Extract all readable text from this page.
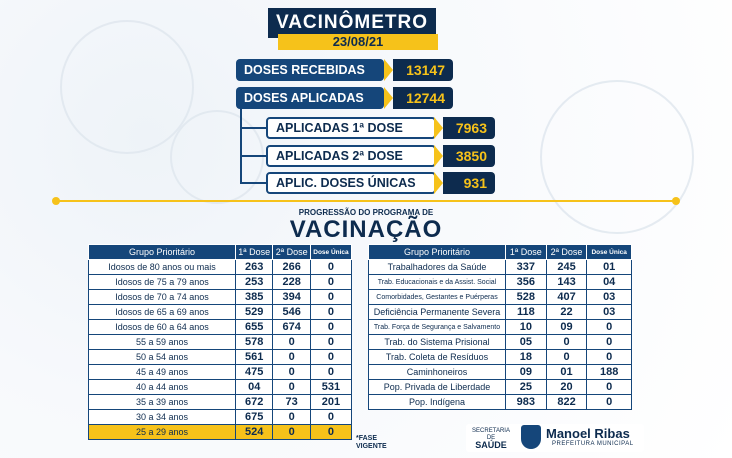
VACINÔMETRO
23/08/21
DOSES RECEBIDAS	13147
DOSES APLICADAS	12744
APLICADAS 1ª DOSE	7963
APLICADAS 2ª DOSE	3850
APLIC. DOSES ÚNICAS	931
PROGRESSÃO DO PROGRAMA DE
VACINAÇÃO
Grupo Prioritário	1ª Dose	2ª Dose	Dose Única
Idosos de 80 anos ou mais	263	266	0
Idosos de 75 a 79 anos	253	228	0
Idosos de 70 a 74 anos	385	394	0
Idosos de 65 a 69 anos	529	546	0
Idosos de 60 a 64 anos	655	674	0
55 a 59 anos	578	0	0
50 a 54 anos	561	0	0
45 a 49 anos	475	0	0
40 a 44 anos	04	0	531
35 a 39 anos	672	73	201
30 a 34 anos	675	0	0
25 a 29 anos	524	0	0
Grupo Prioritário	1ª Dose	2ª Dose	Dose Única
Trabalhadores da Saúde	337	245	01
Trab. Educacionais e da Assist. Social	356	143	04
Comorbidades, Gestantes e Puérperas	528	407	03
Deficiência Permanente Severa	118	22	03
Trab. Força de Segurança e Salvamento	10	09	0
Trab. do Sistema Prisional	05	0	0
Trab. Coleta de Resíduos	18	0	0
Caminhoneiros	09	01	188
Pop. Privada de Liberdade	25	20	0
Pop. Indígena	983	822	0
*FASE
VIGENTE
SECRETARIA DE
SAÚDE
Manoel Ribas
PREFEITURA MUNICIPAL
